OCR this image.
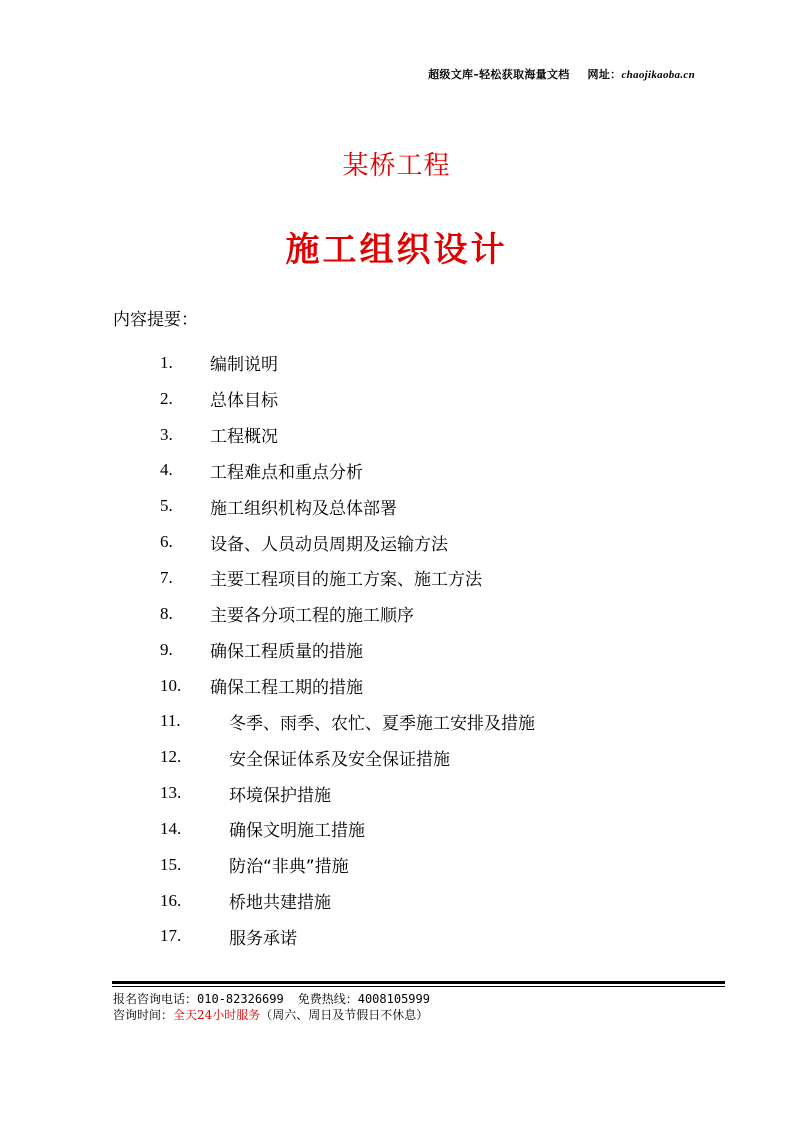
超级文库–轻松获取海量文档 网址：chaojikaoba.cn
某桥工程
施工组织设计
内容提要：
1.	编制说明
2.	总体目标
3.	工程概况
4.	工程难点和重点分析
5.	施工组织机构及总体部署
6.	设备、人员动员周期及运输方法
7.	主要工程项目的施工方案、施工方法
8.	主要各分项工程的施工顺序
9.	确保工程质量的措施
10.	确保工程工期的措施
11.	冬季、雨季、农忙、夏季施工安排及措施
12.	安全保证体系及安全保证措施
13.	环境保护措施
14.	确保文明施工措施
15.	防治“非典”措施
16.	桥地共建措施
17.	服务承诺
报名咨询电话：010-82326699 免费热线：4008105999
咨询时间：全天24小时服务（周六、周日及节假日不休息）
